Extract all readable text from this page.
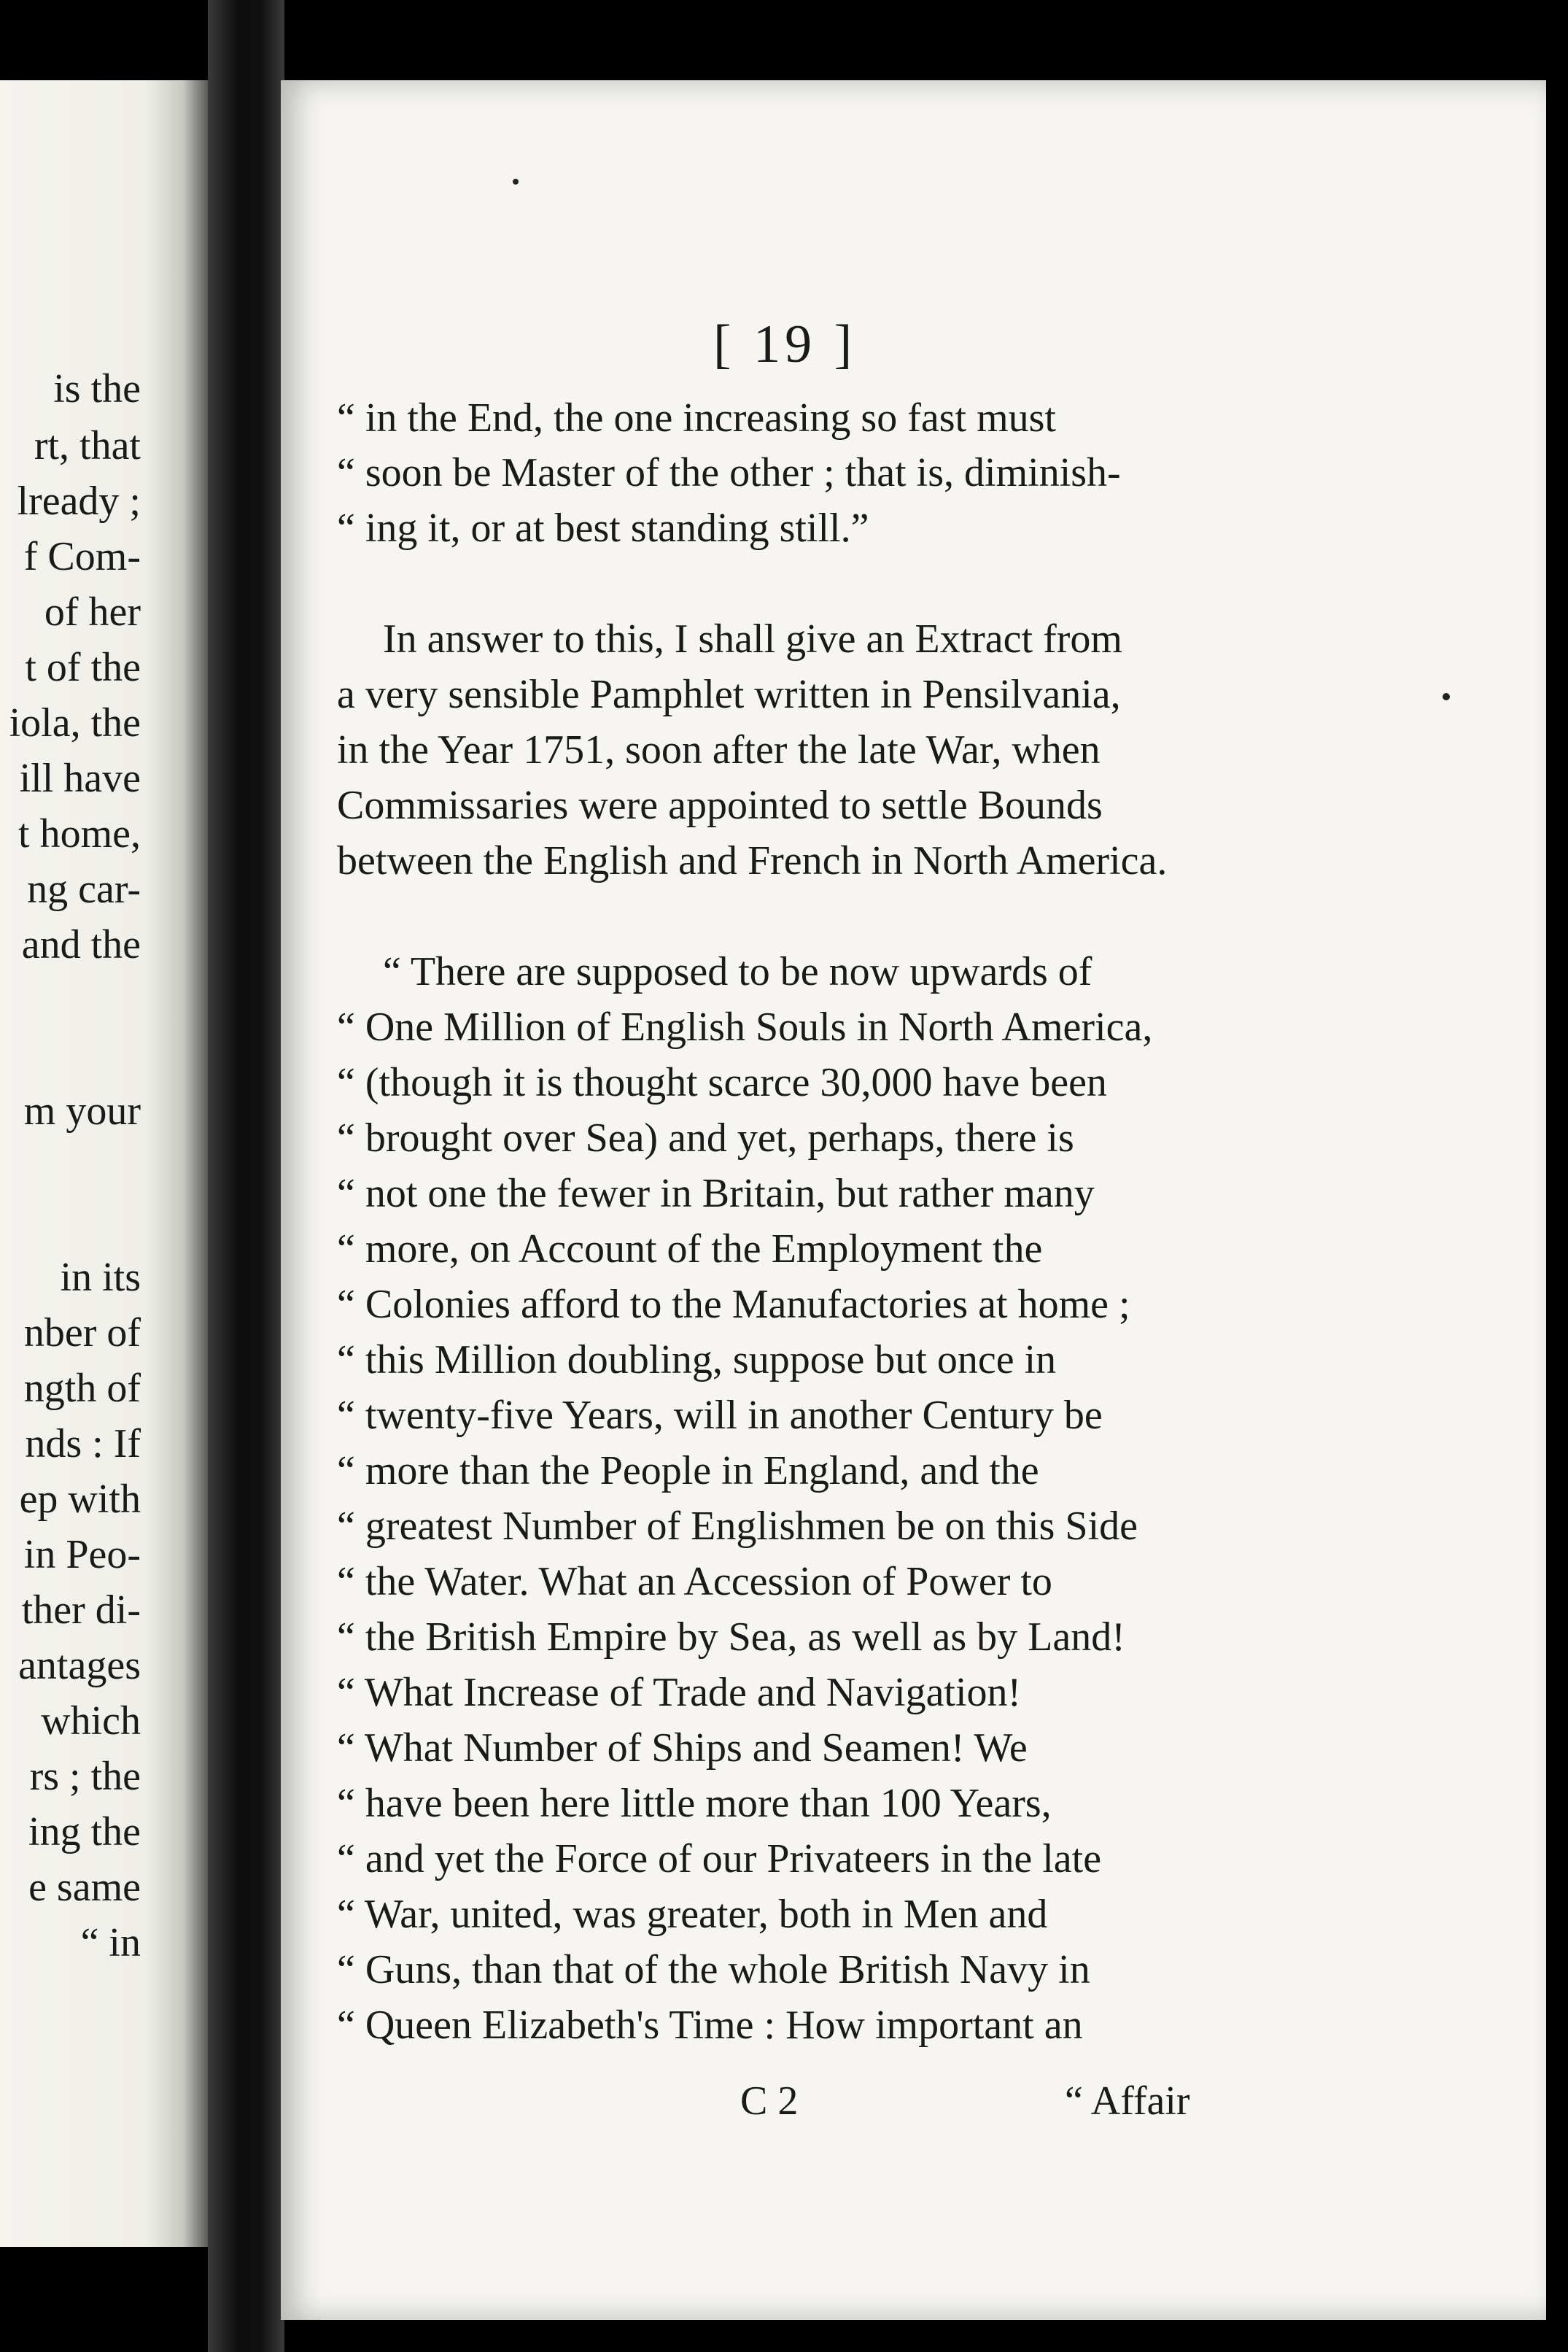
is the
rt, that
lready ;
f Com-
of her
t of the
iola, the
ill have
t home,
ng car-
and the
m your
in its
nber of
ngth of
nds : If
ep with
in Peo-
ther di-
antages
which
rs ; the
ing the
e same
“ in
[ 19 ]
“ in the End, the one increasing so fast must
“ soon be Master of the other ; that is, diminish-
“ ing it, or at best standing still.”
In answer to this, I shall give an Extract from
a very sensible Pamphlet written in Pensilvania,
in the Year 1751, soon after the late War, when
Commissaries were appointed to settle Bounds
between the English and French in North America.
“ There are supposed to be now upwards of
“ One Million of English Souls in North America,
“ (though it is thought scarce 30,000 have been
“ brought over Sea) and yet, perhaps, there is
“ not one the fewer in Britain, but rather many
“ more, on Account of the Employment the
“ Colonies afford to the Manufactories at home ;
“ this Million doubling, suppose but once in
“ twenty-five Years, will in another Century be
“ more than the People in England, and the
“ greatest Number of Englishmen be on this Side
“ the Water. What an Accession of Power to
“ the British Empire by Sea, as well as by Land!
“ What Increase of Trade and Navigation!
“ What Number of Ships and Seamen! We
“ have been here little more than 100 Years,
“ and yet the Force of our Privateers in the late
“ War, united, was greater, both in Men and
“ Guns, than that of the whole British Navy in
“ Queen Elizabeth's Time : How important an
C 2	“ Affair
